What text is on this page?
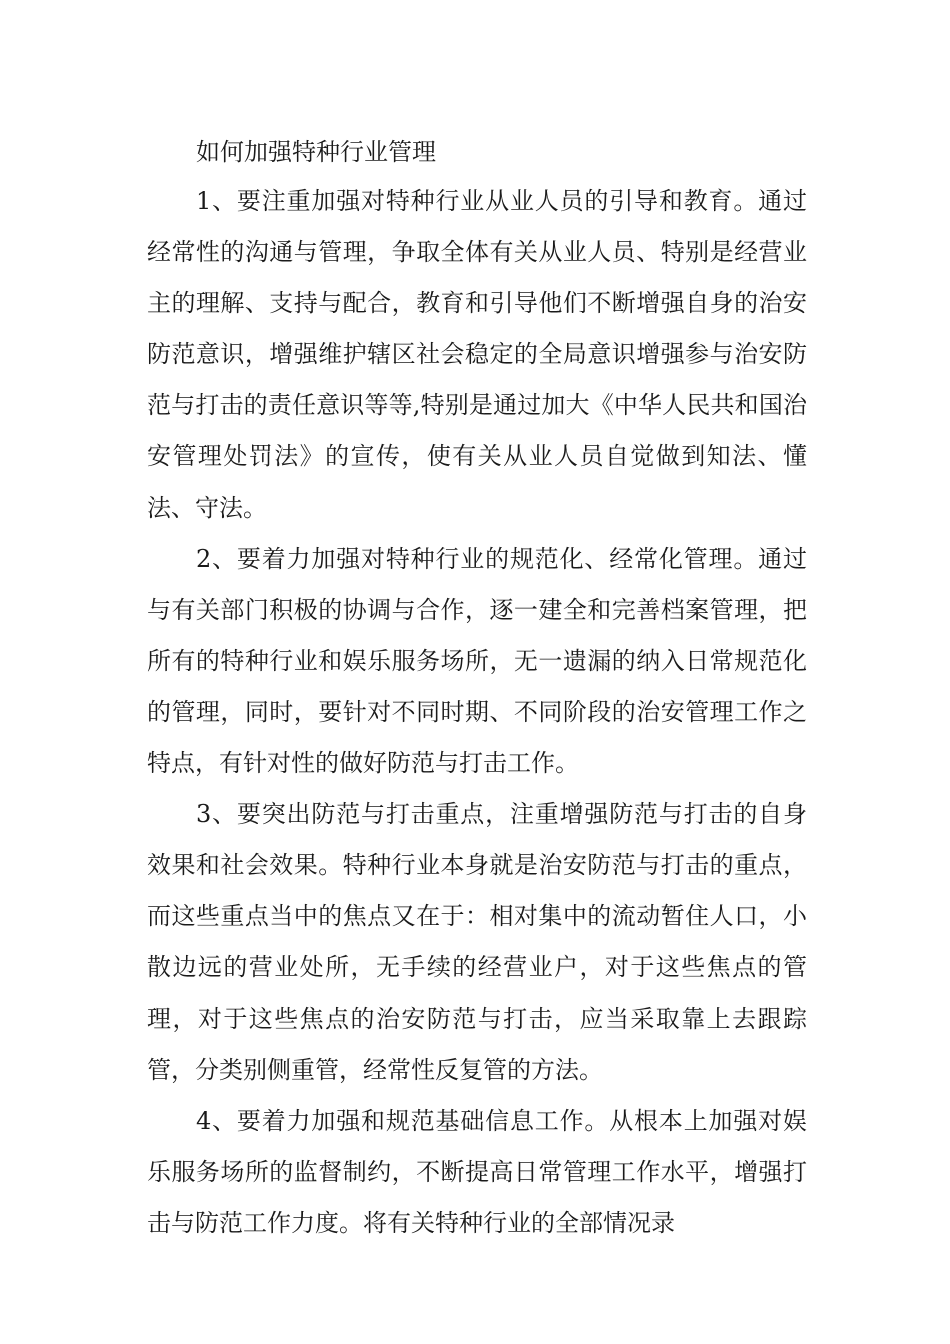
如何加强特种行业管理

1、要注重加强对特种行业从业人员的引导和教育。通过经常性的沟通与管理，争取全体有关从业人员、特别是经营业主的理解、支持与配合，教育和引导他们不断增强自身的治安防范意识，增强维护辖区社会稳定的全局意识增强参与治安防范与打击的责任意识等等,特别是通过加大《中华人民共和国治安管理处罚法》的宣传，使有关从业人员自觉做到知法、懂法、守法。

2、要着力加强对特种行业的规范化、经常化管理。通过与有关部门积极的协调与合作，逐一建全和完善档案管理，把所有的特种行业和娱乐服务场所，无一遗漏的纳入日常规范化的管理，同时，要针对不同时期、不同阶段的治安管理工作之特点，有针对性的做好防范与打击工作。

3、要突出防范与打击重点，注重增强防范与打击的自身效果和社会效果。特种行业本身就是治安防范与打击的重点，而这些重点当中的焦点又在于：相对集中的流动暂住人口，小散边远的营业处所，无手续的经营业户，对于这些焦点的管理，对于这些焦点的治安防范与打击，应当采取靠上去跟踪管，分类别侧重管，经常性反复管的方法。

4、要着力加强和规范基础信息工作。从根本上加强对娱乐服务场所的监督制约，不断提高日常管理工作水平，增强打击与防范工作力度。将有关特种行业的全部情况录
